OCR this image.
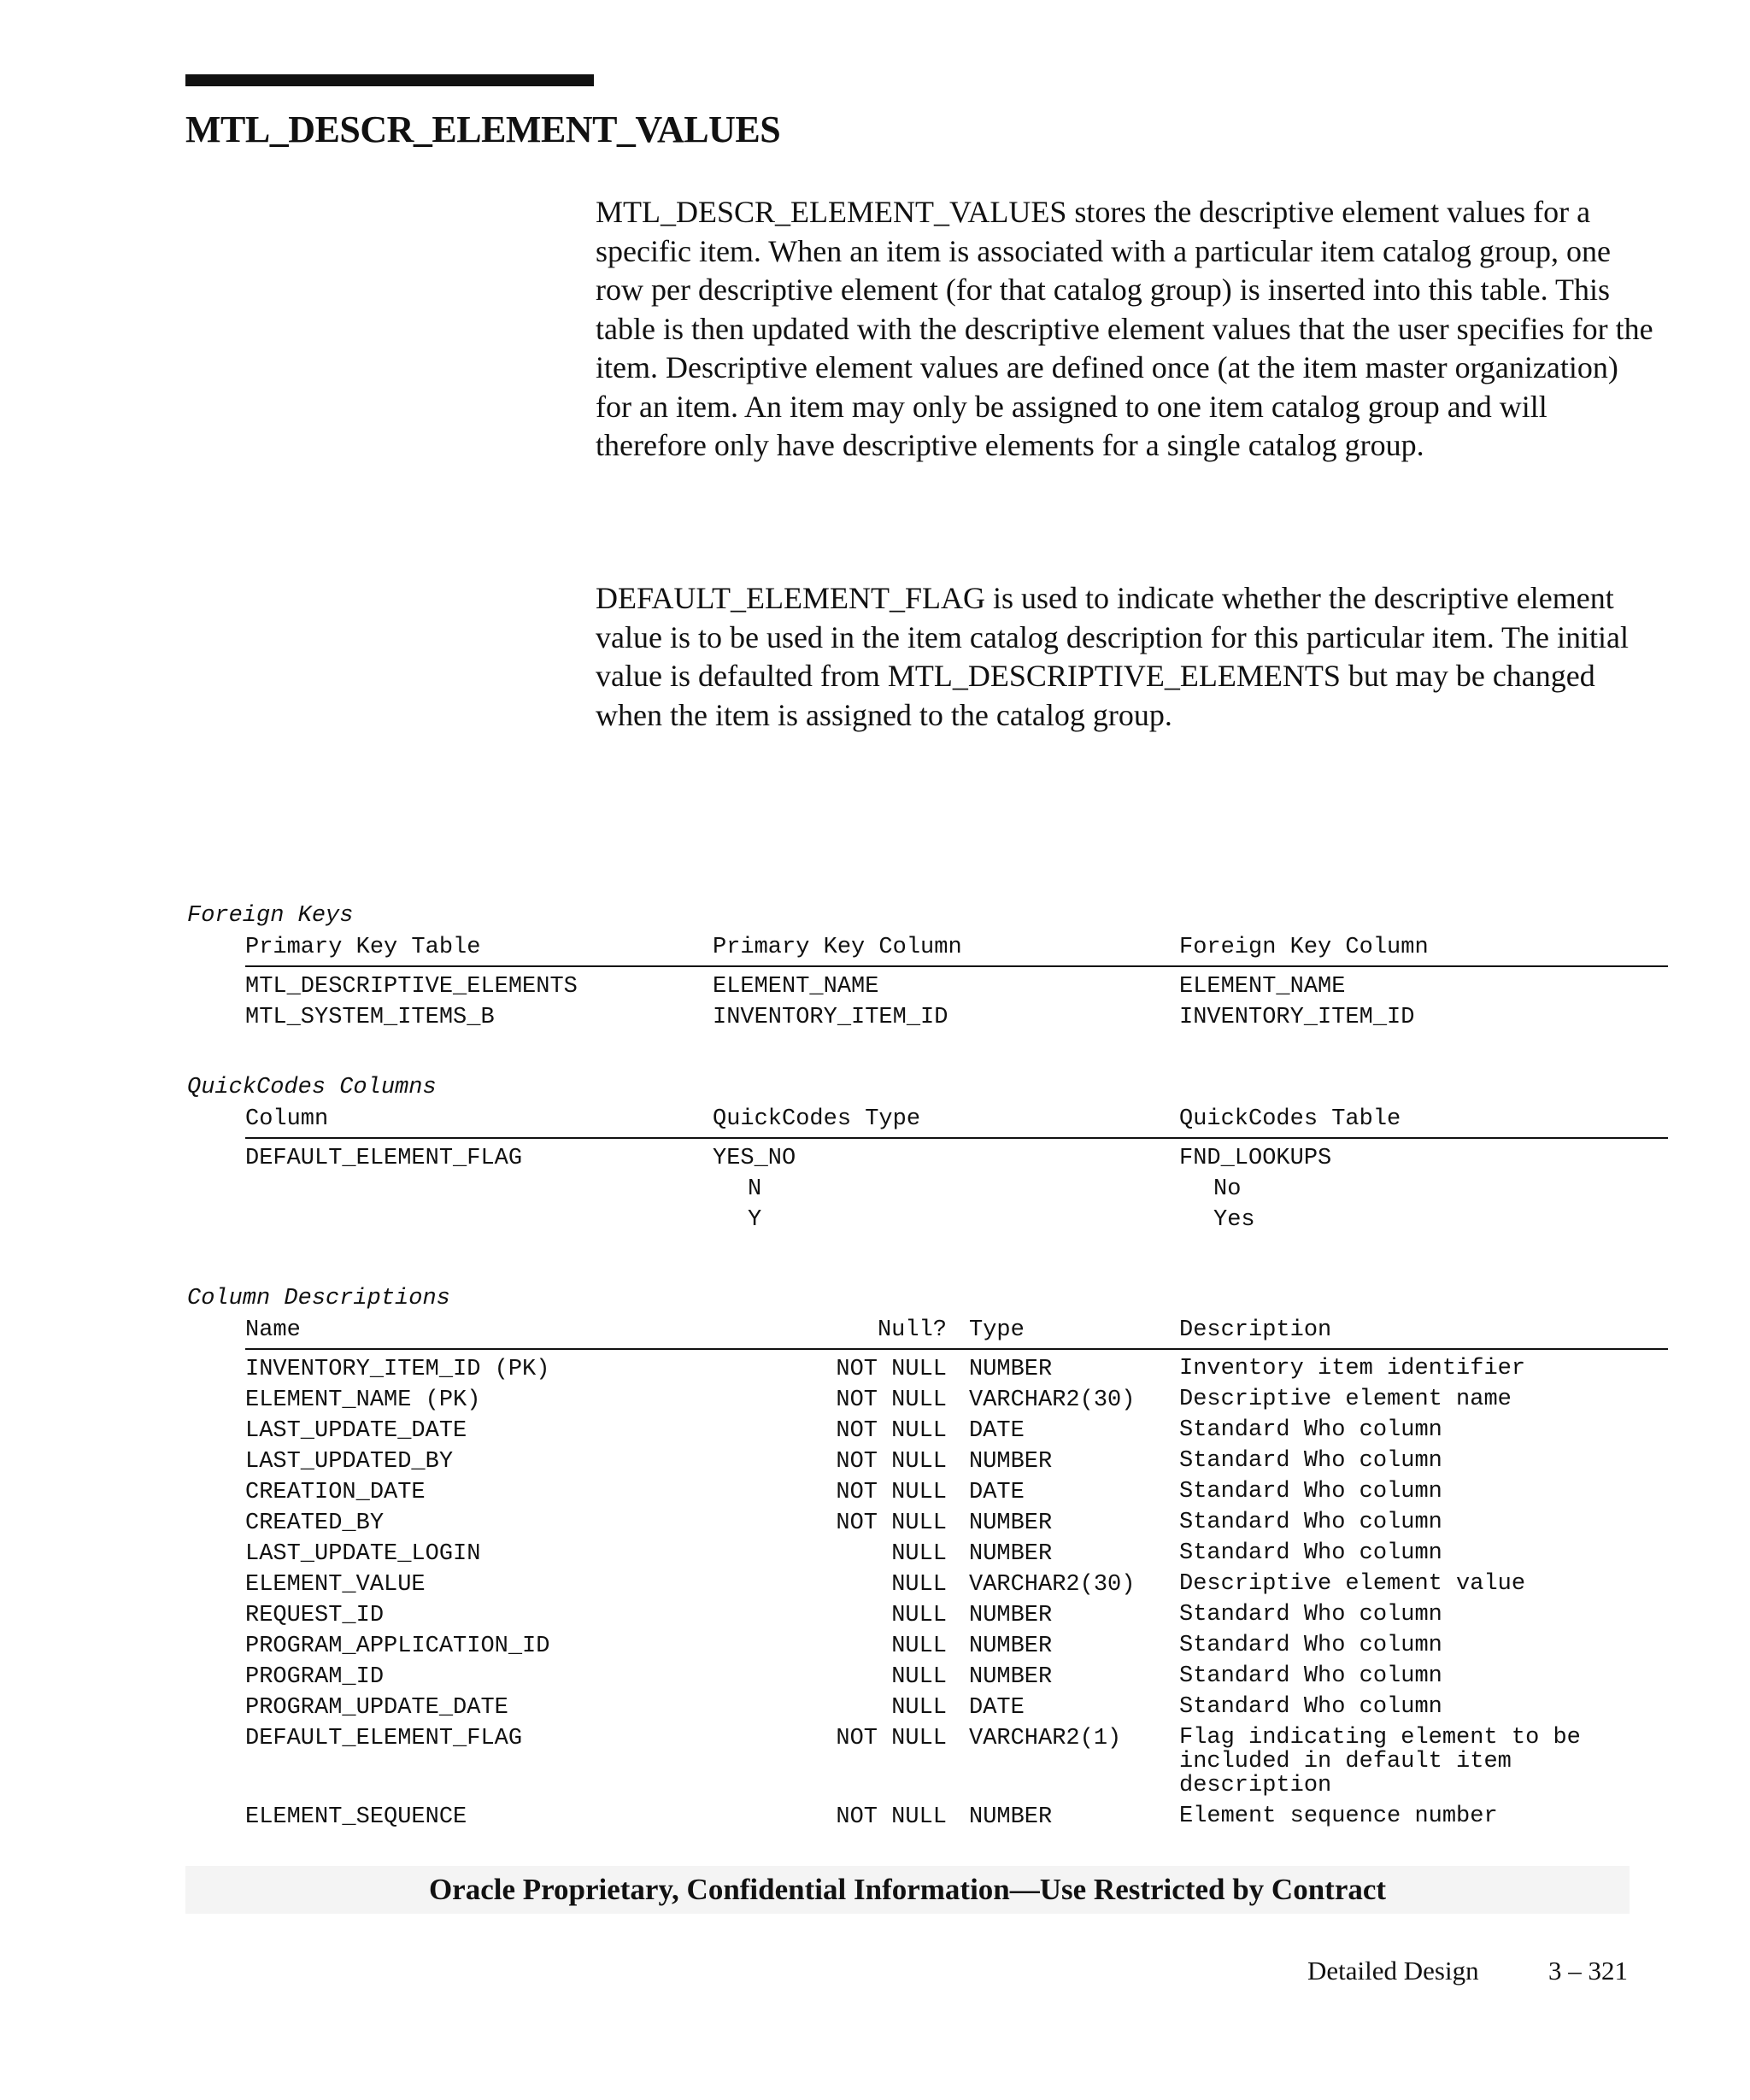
MTL_DESCR_ELEMENT_VALUES

MTL_DESCR_ELEMENT_VALUES stores the descriptive element values for a specific item. When an item is associated with a particular item catalog group, one row per descriptive element (for that catalog group) is inserted into this table. This table is then updated with the descriptive element values that the user specifies for the item. Descriptive element values are defined once (at the item master organization) for an item. An item may only be assigned to one item catalog group and will therefore only have descriptive elements for a single catalog group.

DEFAULT_ELEMENT_FLAG is used to indicate whether the descriptive element value is to be used in the item catalog description for this particular item. The initial value is defaulted from MTL_DESCRIPTIVE_ELEMENTS but may be changed when the item is assigned to the catalog group.

Foreign Keys
Primary Key Table	Primary Key Column	Foreign Key Column
MTL_DESCRIPTIVE_ELEMENTS	ELEMENT_NAME	ELEMENT_NAME
MTL_SYSTEM_ITEMS_B	INVENTORY_ITEM_ID	INVENTORY_ITEM_ID
QuickCodes Columns
Column	QuickCodes Type	QuickCodes Table
DEFAULT_ELEMENT_FLAG	YES_NO	FND_LOOKUPS
N	No
Y	Yes
Column Descriptions
Name	Null? Type	Description
INVENTORY_ITEM_ID (PK)	NOT NULL NUMBER	Inventory item identifier
ELEMENT_NAME (PK)	NOT NULL VARCHAR2(30) Descriptive element name
LAST_UPDATE_DATE	NOT NULL DATE	Standard Who column
LAST_UPDATED_BY	NOT NULL NUMBER	Standard Who column
CREATION_DATE	NOT NULL DATE	Standard Who column
CREATED_BY	NOT NULL NUMBER	Standard Who column
LAST_UPDATE_LOGIN	NULL NUMBER	Standard Who column
ELEMENT_VALUE	NULL VARCHAR2(30) Descriptive element value
REQUEST_ID	NULL NUMBER	Standard Who column
PROGRAM_APPLICATION_ID	NULL NUMBER	Standard Who column
PROGRAM_ID	NULL NUMBER	Standard Who column
PROGRAM_UPDATE_DATE	NULL DATE	Standard Who column
DEFAULT_ELEMENT_FLAG	NOT NULL VARCHAR2(1)	Flag indicating element to be included in default item description
ELEMENT_SEQUENCE	NOT NULL NUMBER	Element sequence number
Oracle Proprietary, Confidential Information––Use Restricted by Contract
Detailed Design	3 – 321
